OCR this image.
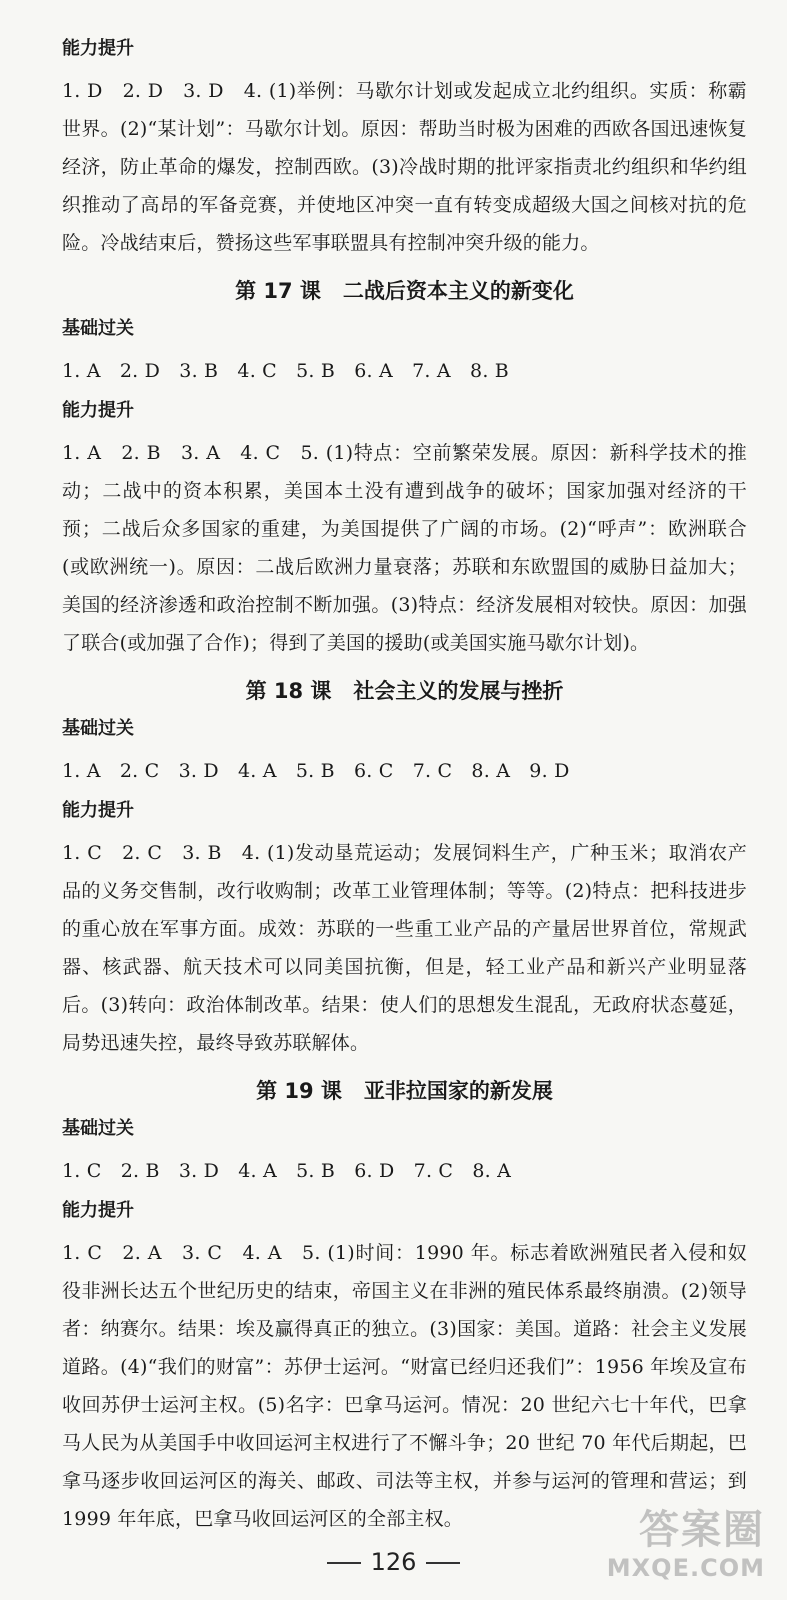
能力提升

1. D　2. D　3. D　4. (1)举例：马歇尔计划或发起成立北约组织。实质：称霸世界。(2)“某计划”：马歇尔计划。原因：帮助当时极为困难的西欧各国迅速恢复经济，防止革命的爆发，控制西欧。(3)冷战时期的批评家指责北约组织和华约组织推动了高昂的军备竞赛，并使地区冲突一直有转变成超级大国之间核对抗的危险。冷战结束后，赞扬这些军事联盟具有控制冲突升级的能力。

第 17 课 二战后资本主义的新变化
基础过关

1. A　2. D　3. B　4. C　5. B　6. A　7. A　8. B

能力提升

1. A　2. B　3. A　4. C　5. (1)特点：空前繁荣发展。原因：新科学技术的推动；二战中的资本积累，美国本土没有遭到战争的破坏；国家加强对经济的干预；二战后众多国家的重建，为美国提供了广阔的市场。(2)“呼声”：欧洲联合(或欧洲统一)。原因：二战后欧洲力量衰落；苏联和东欧盟国的威胁日益加大；美国的经济渗透和政治控制不断加强。(3)特点：经济发展相对较快。原因：加强了联合(或加强了合作)；得到了美国的援助(或美国实施马歇尔计划)。

第 18 课 社会主义的发展与挫折
基础过关

1. A　2. C　3. D　4. A　5. B　6. C　7. C　8. A　9. D

能力提升

1. C　2. C　3. B　4. (1)发动垦荒运动；发展饲料生产，广种玉米；取消农产品的义务交售制，改行收购制；改革工业管理体制；等等。(2)特点：把科技进步的重心放在军事方面。成效：苏联的一些重工业产品的产量居世界首位，常规武器、核武器、航天技术可以同美国抗衡，但是，轻工业产品和新兴产业明显落后。(3)转向：政治体制改革。结果：使人们的思想发生混乱，无政府状态蔓延，局势迅速失控，最终导致苏联解体。

第 19 课 亚非拉国家的新发展
基础过关

1. C　2. B　3. D　4. A　5. B　6. D　7. C　8. A

能力提升

1. C　2. A　3. C　4. A　5. (1)时间：1990 年。标志着欧洲殖民者入侵和奴役非洲长达五个世纪历史的结束，帝国主义在非洲的殖民体系最终崩溃。(2)领导者：纳赛尔。结果：埃及赢得真正的独立。(3)国家：美国。道路：社会主义发展道路。(4)“我们的财富”：苏伊士运河。“财富已经归还我们”：1956 年埃及宣布收回苏伊士运河主权。(5)名字：巴拿马运河。情况：20 世纪六七十年代，巴拿马人民为从美国手中收回运河主权进行了不懈斗争；20 世纪 70 年代后期起，巴拿马逐步收回运河区的海关、邮政、司法等主权，并参与运河的管理和营运；到 1999 年年底，巴拿马收回运河区的全部主权。

126
答案圈
MXQE.COM
